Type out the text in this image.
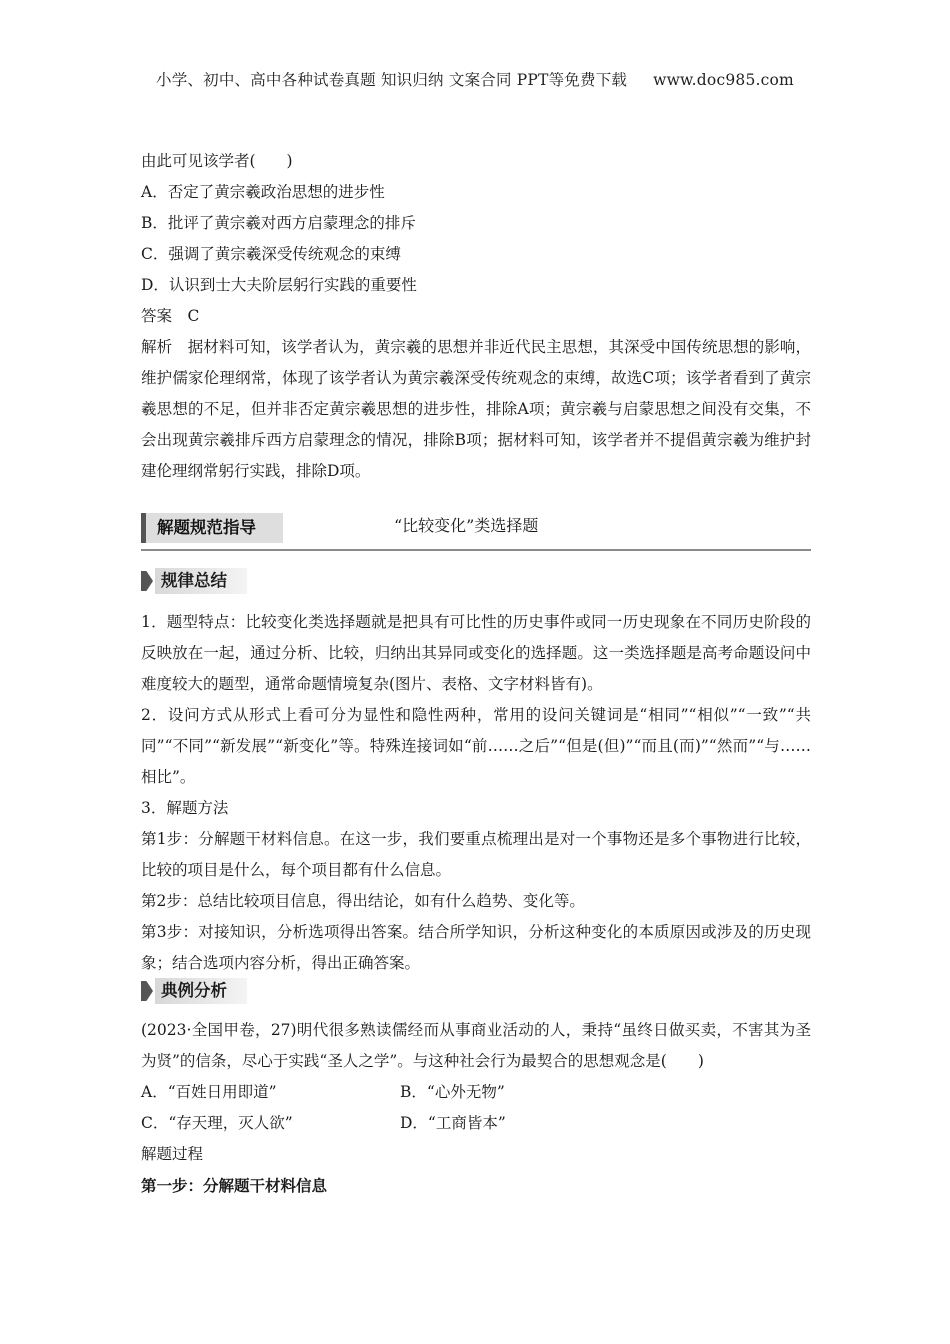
小学、初中、高中各种试卷真题 知识归纳 文案合同 PPT等免费下载 www.doc985.com
由此可见该学者(　　)
A．否定了黄宗羲政治思想的进步性
B．批评了黄宗羲对西方启蒙理念的排斥
C．强调了黄宗羲深受传统观念的束缚
D．认识到士大夫阶层躬行实践的重要性
答案　C
解析　据材料可知，该学者认为，黄宗羲的思想并非近代民主思想，其深受中国传统思想的影响，维护儒家伦理纲常，体现了该学者认为黄宗羲深受传统观念的束缚，故选C项；该学者看到了黄宗羲思想的不足，但并非否定黄宗羲思想的进步性，排除A项；黄宗羲与启蒙思想之间没有交集，不会出现黄宗羲排斥西方启蒙理念的情况，排除B项；据材料可知，该学者并不提倡黄宗羲为维护封建伦理纲常躬行实践，排除D项。
解题规范指导	“比较变化”类选择题
规律总结
1．题型特点：比较变化类选择题就是把具有可比性的历史事件或同一历史现象在不同历史阶段的反映放在一起，通过分析、比较，归纳出其异同或变化的选择题。这一类选择题是高考命题设问中难度较大的题型，通常命题情境复杂(图片、表格、文字材料皆有)。
2．设问方式从形式上看可分为显性和隐性两种，常用的设问关键词是“相同”“相似”“一致”“共同”“不同”“新发展”“新变化”等。特殊连接词如“前……之后”“但是(但)”“而且(而)”“然而”“与……相比”。
3．解题方法
第1步：分解题干材料信息。在这一步，我们要重点梳理出是对一个事物还是多个事物进行比较，比较的项目是什么，每个项目都有什么信息。
第2步：总结比较项目信息，得出结论，如有什么趋势、变化等。
第3步：对接知识，分析选项得出答案。结合所学知识，分析这种变化的本质原因或涉及的历史现象；结合选项内容分析，得出正确答案。
典例分析
(2023·全国甲卷，27)明代很多熟读儒经而从事商业活动的人，秉持“虽终日做买卖，不害其为圣为贤”的信条，尽心于实践“圣人之学”。与这种社会行为最契合的思想观念是(　　)
A．“百姓日用即道”	B．“心外无物”
C．“存天理，灭人欲”	D．“工商皆本”
解题过程
第一步：分解题干材料信息
